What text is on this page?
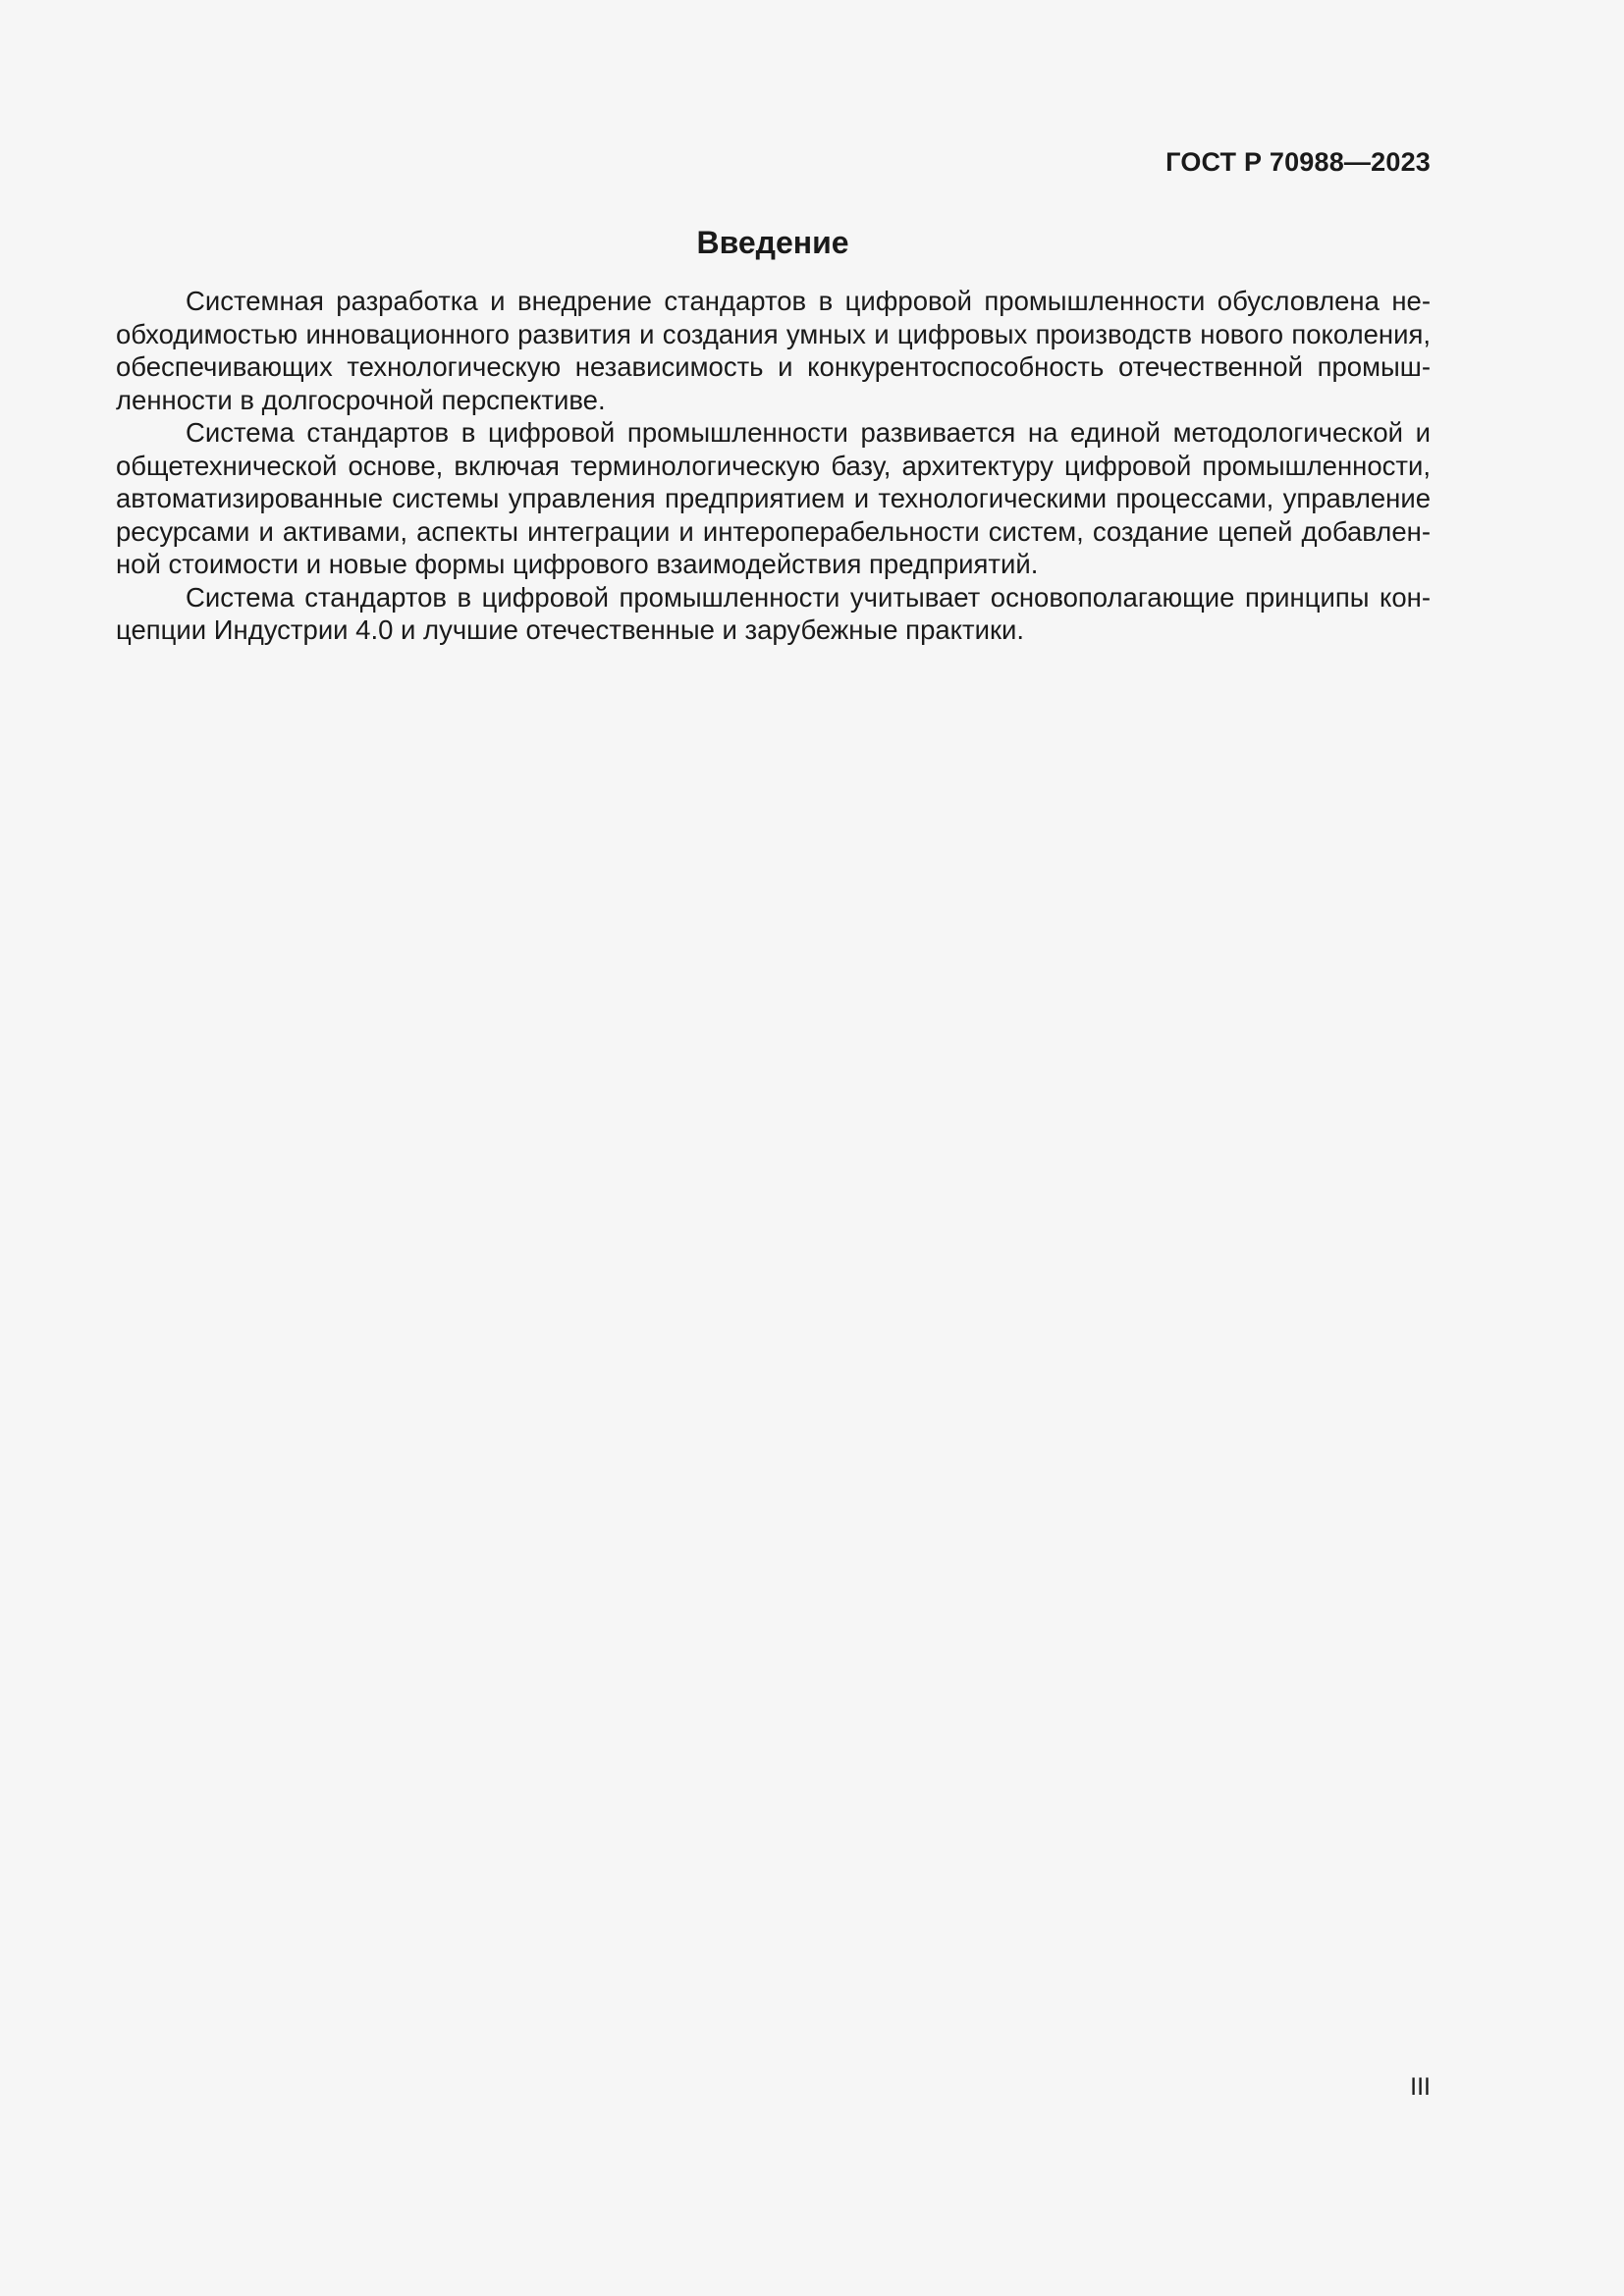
ГОСТ Р 70988—2023
Введение

Системная разработка и внедрение стандартов в цифровой промышленности обусловлена необходимостью инновационного развития и создания умных и цифровых производств нового поколения, обеспечивающих технологическую независимость и конкурентоспособность отечественной промышленности в долгосрочной перспективе.

Система стандартов в цифровой промышленности развивается на единой методологической и общетехнической основе, включая терминологическую базу, архитектуру цифровой промышленности, автоматизированные системы управления предприятием и технологическими процессами, управление ресурсами и активами, аспекты интеграции и интероперабельности систем, создание цепей добавленной стоимости и новые формы цифрового взаимодействия предприятий.

Система стандартов в цифровой промышленности учитывает основополагающие принципы концепции Индустрии 4.0 и лучшие отечественные и зарубежные практики.

III
